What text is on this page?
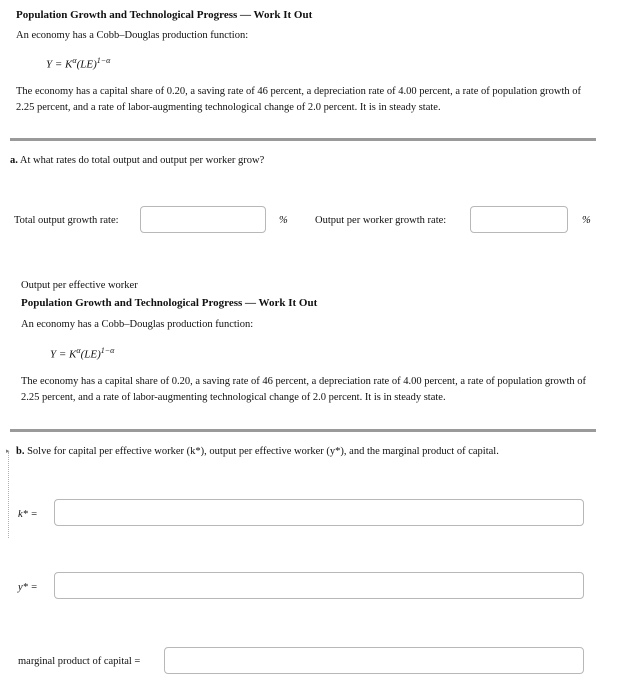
Population Growth and Technological Progress — Work It Out
An economy has a Cobb–Douglas production function:
$Y = K^\alpha(LE)^{1-\alpha}$
The economy has a capital share of 0.20, a saving rate of 46 percent, a depreciation rate of 4.00 percent, a rate of population growth of 2.25 percent, and a rate of labor-augmenting technological change of 2.0 percent. It is in steady state.
a. At what rates do total output and output per worker grow?
Total output growth rate:	%	Output per worker growth rate:	%
Output per effective worker
Population Growth and Technological Progress — Work It Out
An economy has a Cobb–Douglas production function:
$Y = K^\alpha(LE)^{1-\alpha}$
The economy has a capital share of 0.20, a saving rate of 46 percent, a depreciation rate of 4.00 percent, a rate of population growth of 2.25 percent, and a rate of labor-augmenting technological change of 2.0 percent. It is in steady state.
▸ b. Solve for capital per effective worker (k*), output per effective worker (y*), and the marginal product of capital.
k* =
y* =
marginal product of capital =
